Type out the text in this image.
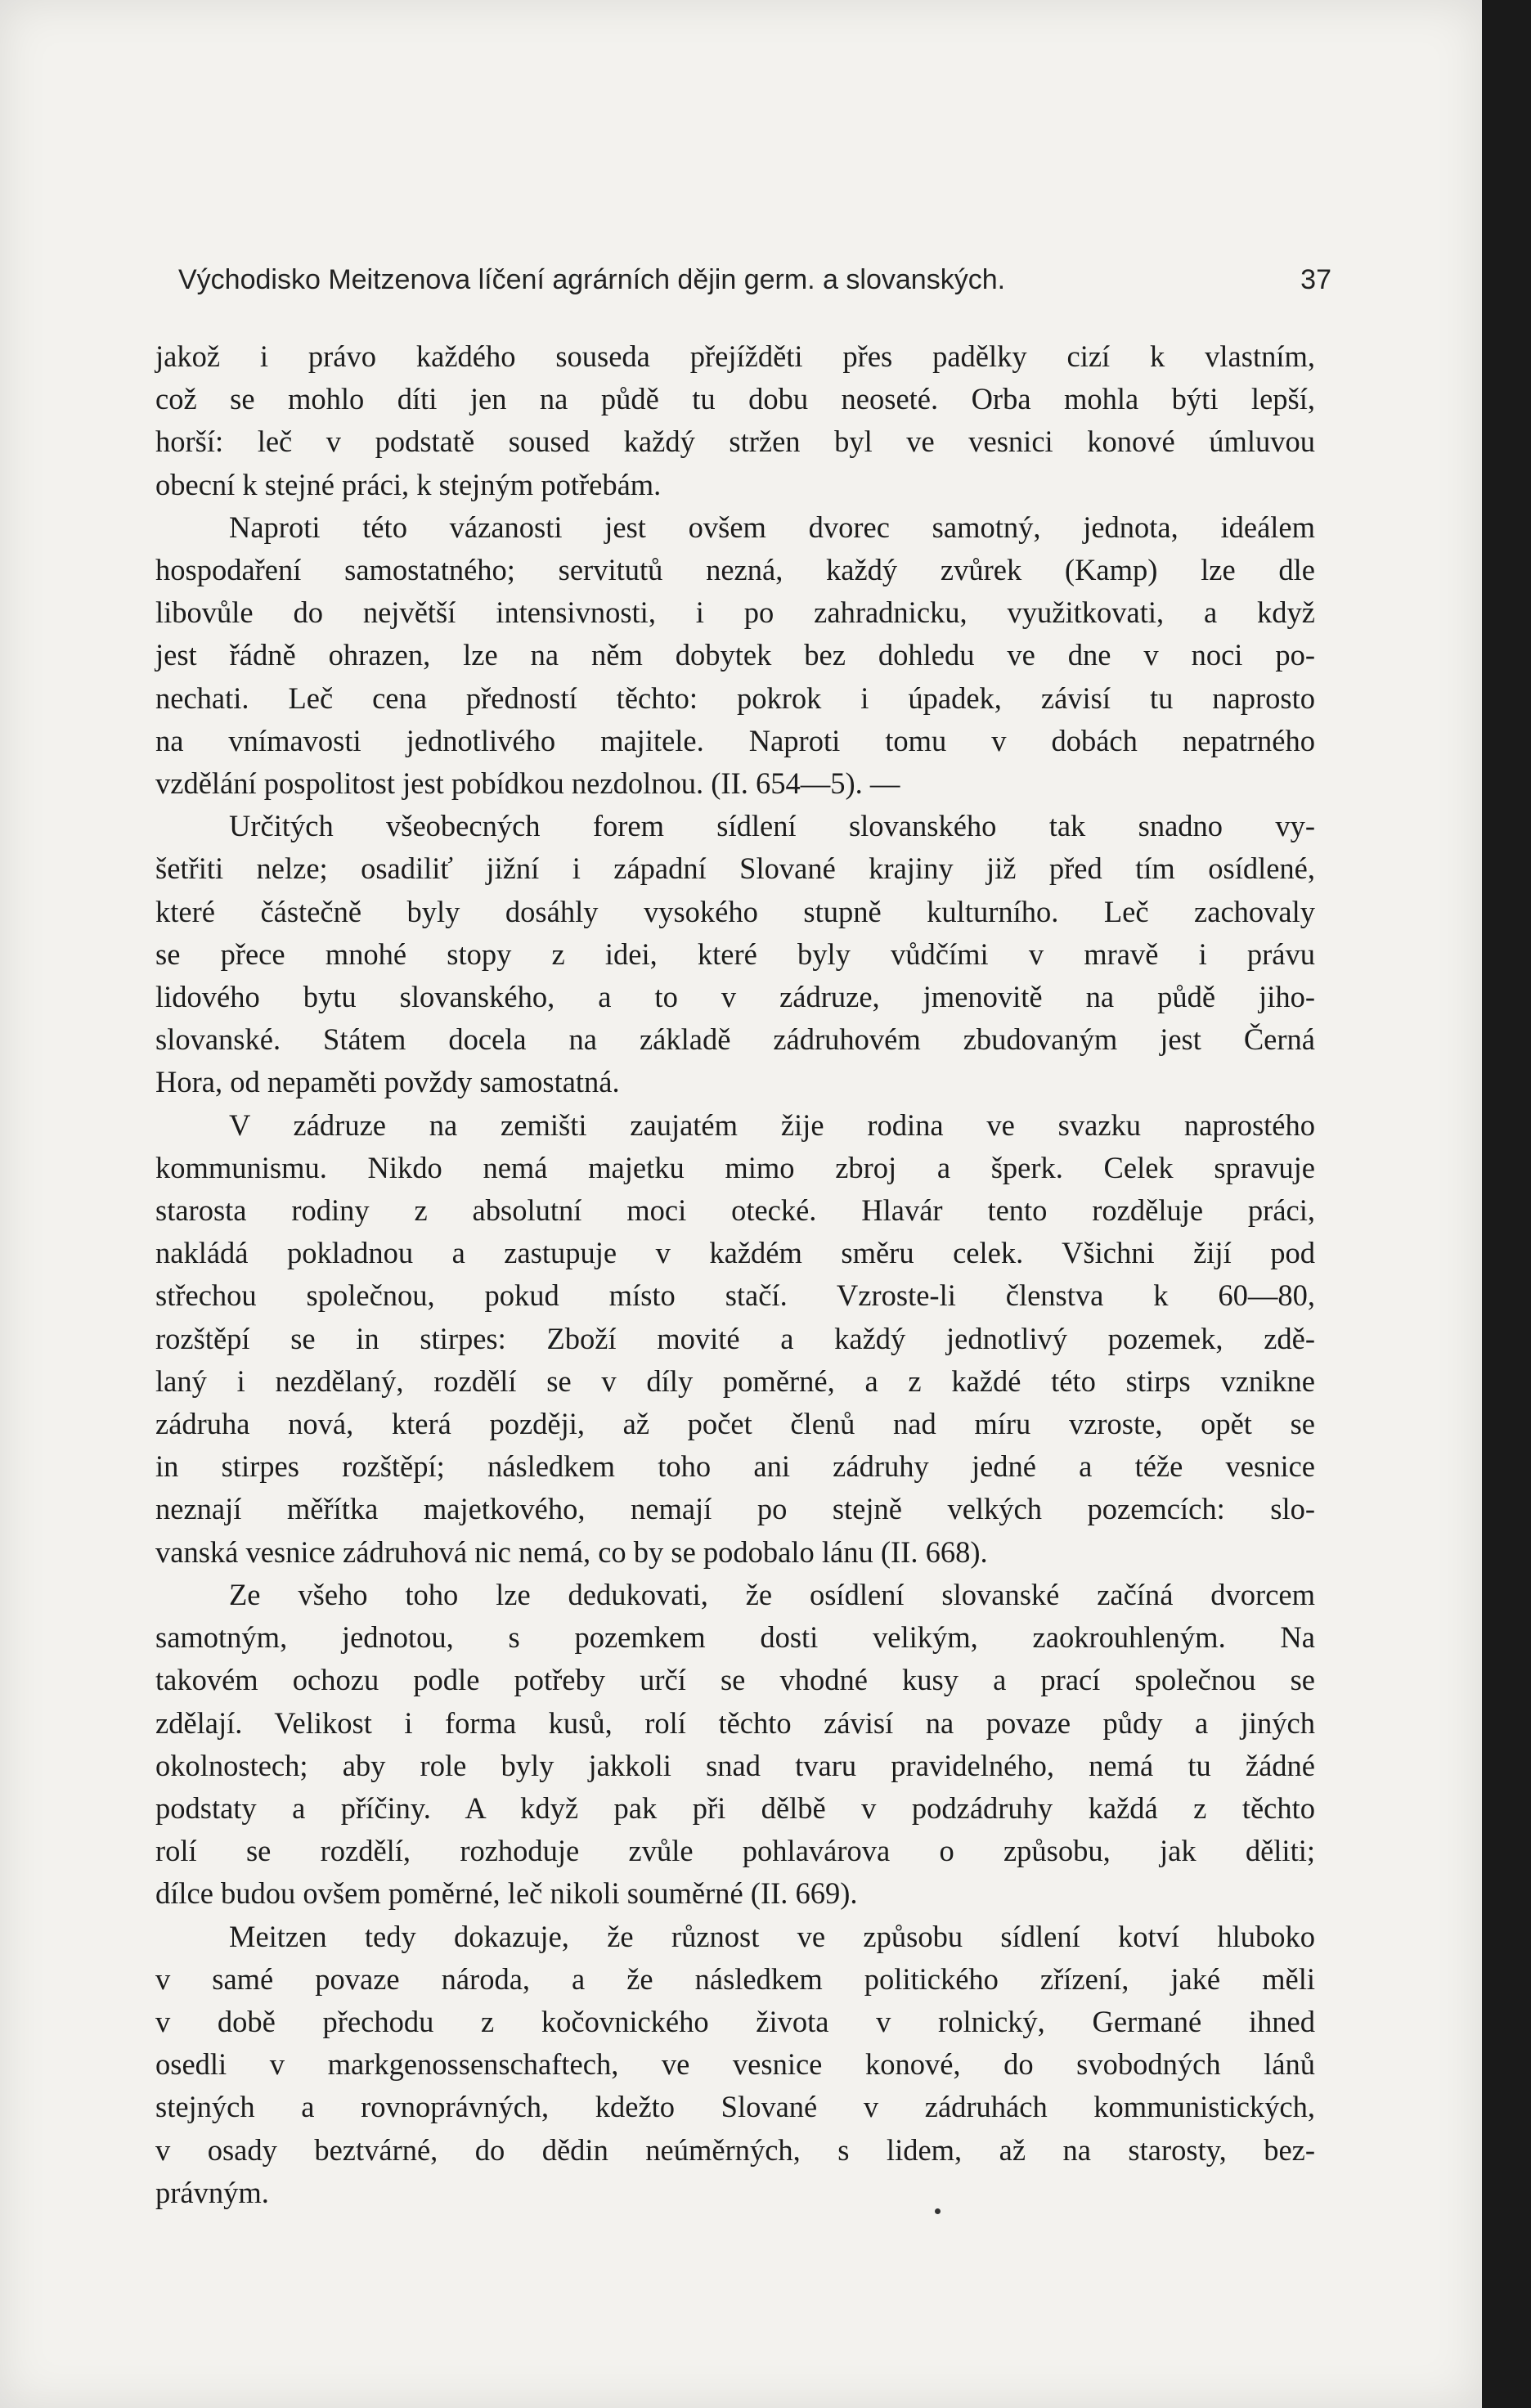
Východisko Meitzenova líčení agrárních dějin germ. a slovanských.	37

jakož i právo každého souseda přejížděti přes padělky cizí k vlastním,
což se mohlo díti jen na půdě tu dobu neoseté. Orba mohla býti lepší,
horší: leč v podstatě soused každý stržen byl ve vesnici konové úmluvou
obecní k stejné práci, k stejným potřebám.

Naproti této vázanosti jest ovšem dvorec samotný, jednota, ideálem
hospodaření samostatného; servitutů nezná, každý zvůrek (Kamp) lze dle
libovůle do největší intensivnosti, i po zahradnicku, využitkovati, a když
jest řádně ohrazen, lze na něm dobytek bez dohledu ve dne v noci po-
nechati. Leč cena předností těchto: pokrok i úpadek, závisí tu naprosto
na vnímavosti jednotlivého majitele. Naproti tomu v dobách nepatrného
vzdělání pospolitost jest pobídkou nezdolnou. (II. 654—5). —

Určitých všeobecných forem sídlení slovanského tak snadno vy-
šetřiti nelze; osadiliť jižní i západní Slované krajiny již před tím osídlené,
které částečně byly dosáhly vysokého stupně kulturního. Leč zachovaly
se přece mnohé stopy z idei, které byly vůdčími v mravě i právu
lidového bytu slovanského, a to v zádruze, jmenovitě na půdě jiho-
slovanské. Státem docela na základě zádruhovém zbudovaným jest Černá
Hora, od nepaměti povždy samostatná.

V zádruze na zemišti zaujatém žije rodina ve svazku naprostého
kommunismu. Nikdo nemá majetku mimo zbroj a šperk. Celek spravuje
starosta rodiny z absolutní moci otecké. Hlavár tento rozděluje práci,
nakládá pokladnou a zastupuje v každém směru celek. Všichni žijí pod
střechou společnou, pokud místo stačí. Vzroste-li členstva k 60—80,
rozštěpí se in stirpes: Zboží movité a každý jednotlivý pozemek, zdě-
laný i nezdělaný, rozdělí se v díly poměrné, a z každé této stirps vznikne
zádruha nová, která později, až počet členů nad míru vzroste, opět se
in stirpes rozštěpí; následkem toho ani zádruhy jedné a téže vesnice
neznají měřítka majetkového, nemají po stejně velkých pozemcích: slo-
vanská vesnice zádruhová nic nemá, co by se podobalo lánu (II. 668).

Ze všeho toho lze dedukovati, že osídlení slovanské začíná dvorcem
samotným, jednotou, s pozemkem dosti velikým, zaokrouhleným. Na
takovém ochozu podle potřeby určí se vhodné kusy a prací společnou se
zdělají. Velikost i forma kusů, rolí těchto závisí na povaze půdy a jiných
okolnostech; aby role byly jakkoli snad tvaru pravidelného, nemá tu žádné
podstaty a příčiny. A když pak při dělbě v podzádruhy každá z těchto
rolí se rozdělí, rozhoduje zvůle pohlavárova o způsobu, jak děliti;
dílce budou ovšem poměrné, leč nikoli souměrné (II. 669).

Meitzen tedy dokazuje, že různost ve způsobu sídlení kotví hluboko
v samé povaze národa, a že následkem politického zřízení, jaké měli
v době přechodu z kočovnického života v rolnický, Germané ihned
osedli v markgenossenschaftech, ve vesnice konové, do svobodných lánů
stejných a rovnoprávných, kdežto Slované v zádruhách kommunistických,
v osady beztvárné, do dědin neúměrných, s lidem, až na starosty, bez-
právným.
